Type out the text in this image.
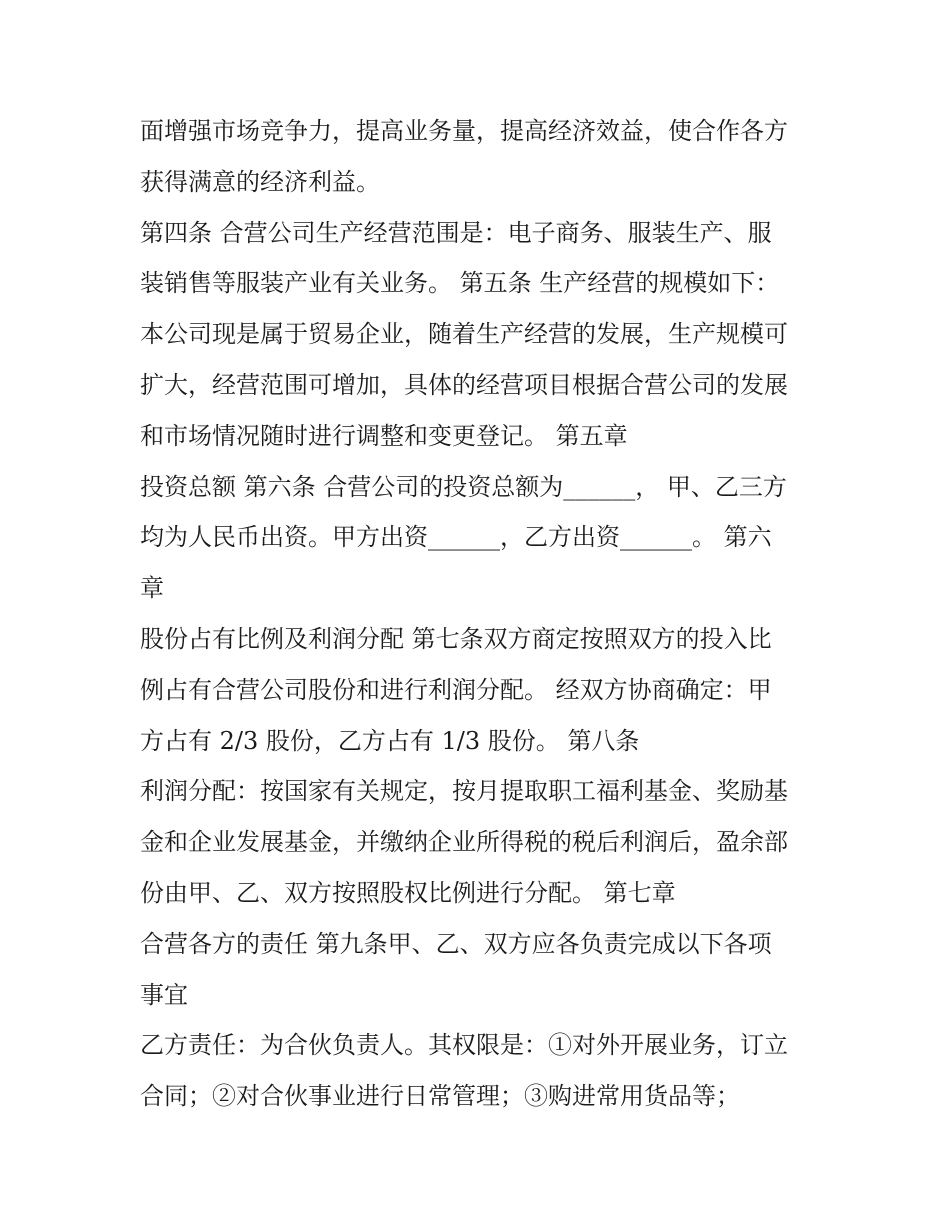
面增强市场竞争力，提高业务量，提高经济效益，使合作各方
获得满意的经济利益。
第四条 合营公司生产经营范围是：电子商务、服装生产、服
装销售等服装产业有关业务。 第五条 生产经营的规模如下：
本公司现是属于贸易企业，随着生产经营的发展，生产规模可
扩大，经营范围可增加，具体的经营项目根据合营公司的发展
和市场情况随时进行调整和变更登记。 第五章
投资总额 第六条 合营公司的投资总额为______， 甲、乙三方
均为人民币出资。甲方出资______，乙方出资______。 第六
章
股份占有比例及利润分配 第七条双方商定按照双方的投入比
例占有合营公司股份和进行利润分配。 经双方协商确定：甲
方占有 2/3 股份，乙方占有 1/3 股份。 第八条
利润分配：按国家有关规定，按月提取职工福利基金、奖励基
金和企业发展基金，并缴纳企业所得税的税后利润后，盈余部
份由甲、乙、双方按照股权比例进行分配。 第七章
合营各方的责任 第九条甲、乙、双方应各负责完成以下各项
事宜
乙方责任：为合伙负责人。其权限是：①对外开展业务，订立
合同；②对合伙事业进行日常管理；③购进常用货品等；
